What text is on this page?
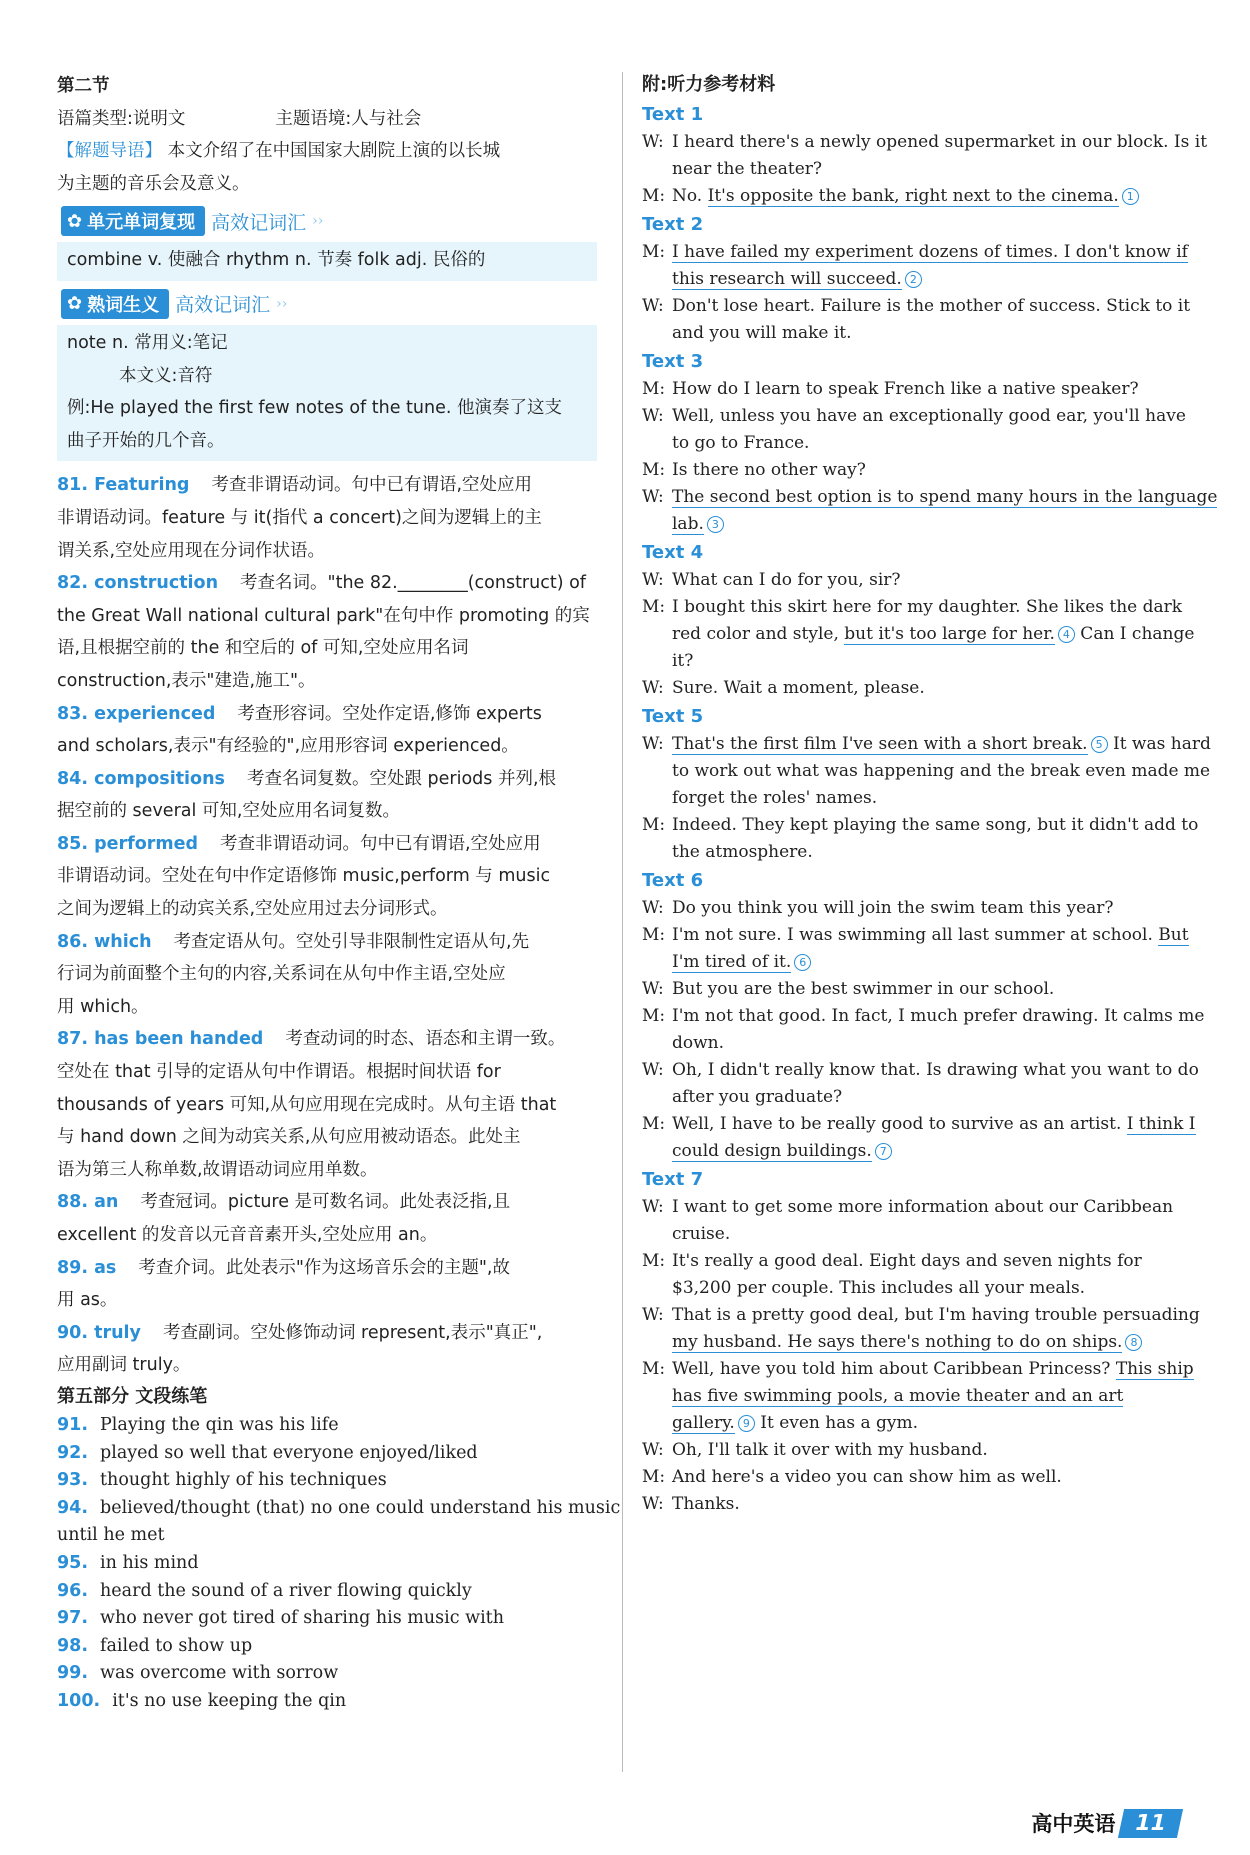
第二节
语篇类型:说明文	主题语境:人与社会
【解题导语】 本文介绍了在中国国家大剧院上演的以长城
为主题的音乐会及意义。
✿ 单元单词复现 高效记词汇 ››
combine v. 使融合 rhythm n. 节奏 folk adj. 民俗的
✿ 熟词生义 高效记词汇 ››
note n. 常用义:笔记
本文义:音符
例:He played the first few notes of the tune. 他演奏了这支
曲子开始的几个音。
81. Featuring 考查非谓语动词。句中已有谓语,空处应用
非谓语动词。feature 与 it(指代 a concert)之间为逻辑上的主
谓关系,空处应用现在分词作状语。
82. construction 考查名词。"the 82.________(construct) of
the Great Wall national cultural park"在句中作 promoting 的宾
语,且根据空前的 the 和空后的 of 可知,空处应用名词
construction,表示"建造,施工"。
83. experienced 考查形容词。空处作定语,修饰 experts
and scholars,表示"有经验的",应用形容词 experienced。
84. compositions 考查名词复数。空处跟 periods 并列,根
据空前的 several 可知,空处应用名词复数。
85. performed 考查非谓语动词。句中已有谓语,空处应用
非谓语动词。空处在句中作定语修饰 music,perform 与 music
之间为逻辑上的动宾关系,空处应用过去分词形式。
86. which 考查定语从句。空处引导非限制性定语从句,先
行词为前面整个主句的内容,关系词在从句中作主语,空处应
用 which。
87. has been handed 考查动词的时态、语态和主谓一致。
空处在 that 引导的定语从句中作谓语。根据时间状语 for
thousands of years 可知,从句应用现在完成时。从句主语 that
与 hand down 之间为动宾关系,从句应用被动语态。此处主
语为第三人称单数,故谓语动词应用单数。
88. an 考查冠词。picture 是可数名词。此处表泛指,且
excellent 的发音以元音音素开头,空处应用 an。
89. as 考查介词。此处表示"作为这场音乐会的主题",故
用 as。
90. truly 考查副词。空处修饰动词 represent,表示"真正",
应用副词 truly。
第五部分 文段练笔
91. Playing the qin was his life
92. played so well that everyone enjoyed/liked
93. thought highly of his techniques
94. believed/thought (that) no one could understand his music
until he met
95. in his mind
96. heard the sound of a river flowing quickly
97. who never got tired of sharing his music with
98. failed to show up
99. was overcome with sorrow
100. it's no use keeping the qin
附:听力参考材料
Text 1
W: I heard there's a newly opened supermarket in our block. Is it
near the theater?
M: No. It's opposite the bank, right next to the cinema. 1
Text 2
M: I have failed my experiment dozens of times. I don't know if
this research will succeed. 2
W: Don't lose heart. Failure is the mother of success. Stick to it
and you will make it.
Text 3
M: How do I learn to speak French like a native speaker?
W: Well, unless you have an exceptionally good ear, you'll have
to go to France.
M: Is there no other way?
W: The second best option is to spend many hours in the language
lab. 3
Text 4
W: What can I do for you, sir?
M: I bought this skirt here for my daughter. She likes the dark
red color and style, but it's too large for her. 4 Can I change
it?
W: Sure. Wait a moment, please.
Text 5
W: That's the first film I've seen with a short break. 5 It was hard
to work out what was happening and the break even made me
forget the roles' names.
M: Indeed. They kept playing the same song, but it didn't add to
the atmosphere.
Text 6
W: Do you think you will join the swim team this year?
M: I'm not sure. I was swimming all last summer at school. But
I'm tired of it. 6
W: But you are the best swimmer in our school.
M: I'm not that good. In fact, I much prefer drawing. It calms me
down.
W: Oh, I didn't really know that. Is drawing what you want to do
after you graduate?
M: Well, I have to be really good to survive as an artist. I think I
could design buildings. 7
Text 7
W: I want to get some more information about our Caribbean
cruise.
M: It's really a good deal. Eight days and seven nights for
$3,200 per couple. This includes all your meals.
W: That is a pretty good deal, but I'm having trouble persuading
my husband. He says there's nothing to do on ships. 8
M: Well, have you told him about Caribbean Princess? This ship
has five swimming pools, a movie theater and an art
gallery. 9 It even has a gym.
W: Oh, I'll talk it over with my husband.
M: And here's a video you can show him as well.
W: Thanks.
高中英语 11
